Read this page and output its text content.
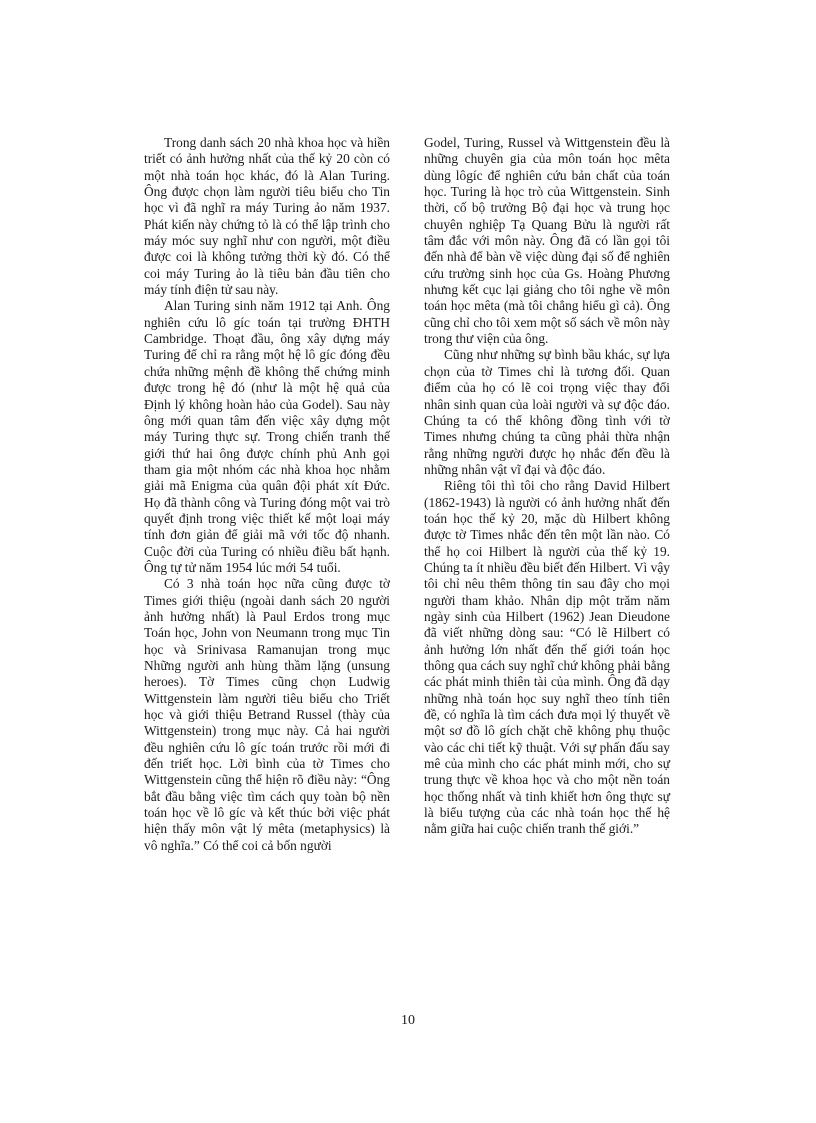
Trong danh sách 20 nhà khoa học và hiền triết có ảnh hưởng nhất của thế kỷ 20 còn có một nhà toán học khác, đó là Alan Turing. Ông được chọn làm người tiêu biểu cho Tin học vì đã nghĩ ra máy Turing ảo năm 1937. Phát kiến này chứng tỏ là có thể lập trình cho máy móc suy nghĩ như con người, một điều được coi là không tưởng thời kỳ đó. Có thể coi máy Turing ảo là tiêu bản đầu tiên cho máy tính điện tử sau này.

Alan Turing sinh năm 1912 tại Anh. Ông nghiên cứu lô gíc toán tại trường ĐHTH Cambridge. Thoạt đầu, ông xây dựng máy Turing để chỉ ra rằng một hệ lô gíc đóng đều chứa những mệnh đề không thể chứng minh được trong hệ đó (như là một hệ quả của Định lý không hoàn hảo của Godel). Sau này ông mới quan tâm đến việc xây dựng một máy Turing thực sự. Trong chiến tranh thế giới thứ hai ông được chính phủ Anh gọi tham gia một nhóm các nhà khoa học nhằm giải mã Enigma của quân đội phát xít Đức. Họ đã thành công và Turing đóng một vai trò quyết định trong việc thiết kế một loại máy tính đơn giản để giải mã với tốc độ nhanh. Cuộc đời của Turing có nhiều điều bất hạnh. Ông tự tử năm 1954 lúc mới 54 tuổi.

Có 3 nhà toán học nữa cũng được tờ Times giới thiệu (ngoài danh sách 20 người ảnh hưởng nhất) là Paul Erdos trong mục Toán học, John von Neumann trong mục Tin học và Srinivasa Ramanujan trong mục Những người anh hùng thầm lặng (unsung heroes). Tờ Times cũng chọn Ludwig Wittgenstein làm người tiêu biểu cho Triết học và giới thiệu Betrand Russel (thày của Wittgenstein) trong mục này. Cả hai người đều nghiên cứu lô gíc toán trước rồi mới đi đến triết học. Lời bình của tờ Times cho Wittgenstein cũng thể hiện rõ điều này: “Ông bắt đầu bằng việc tìm cách quy toàn bộ nền toán học về lô gíc và kết thúc bởi việc phát hiện thấy môn vật lý mêta (metaphysics) là vô nghĩa.” Có thể coi cả bốn người

Godel, Turing, Russel và Wittgenstein đều là những chuyên gia của môn toán học mêta dùng lôgíc để nghiên cứu bản chất của toán học. Turing là học trò của Wittgenstein. Sinh thời, cố bộ trưởng Bộ đại học và trung học chuyên nghiệp Tạ Quang Bửu là người rất tâm đắc với môn này. Ông đã có lần gọi tôi đến nhà để bàn về việc dùng đại số để nghiên cứu trường sinh học của Gs. Hoàng Phương nhưng kết cục lại giảng cho tôi nghe về môn toán học mêta (mà tôi chẳng hiểu gì cả). Ông cũng chỉ cho tôi xem một số sách về môn này trong thư viện của ông.

Cũng như những sự bình bầu khác, sự lựa chọn của tờ Times chỉ là tương đối. Quan điểm của họ có lẽ coi trọng việc thay đổi nhân sinh quan của loài người và sự độc đáo. Chúng ta có thể không đồng tình với tờ Times nhưng chúng ta cũng phải thừa nhận rằng những người được họ nhắc đến đều là những nhân vật vĩ đại và độc đáo.

Riêng tôi thì tôi cho rằng David Hilbert (1862-1943) là người có ảnh hưởng nhất đến toán học thế kỷ 20, mặc dù Hilbert không được tờ Times nhắc đến tên một lần nào. Có thể họ coi Hilbert là người của thế kỷ 19. Chúng ta ít nhiều đều biết đến Hilbert. Vì vậy tôi chỉ nêu thêm thông tin sau đây cho mọi người tham khảo. Nhân dịp một trăm năm ngày sinh của Hilbert (1962) Jean Dieudone đã viết những dòng sau: “Có lẽ Hilbert có ảnh hưởng lớn nhất đến thế giới toán học thông qua cách suy nghĩ chứ không phải bằng các phát minh thiên tài của mình. Ông đã dạy những nhà toán học suy nghĩ theo tính tiên đề, có nghĩa là tìm cách đưa mọi lý thuyết về một sơ đồ lô gích chặt chẽ không phụ thuộc vào các chi tiết kỹ thuật. Với sự phấn đấu say mê của mình cho các phát minh mới, cho sự trung thực về khoa học và cho một nền toán học thống nhất và tinh khiết hơn ông thực sự là biểu tượng của các nhà toán học thế hệ nằm giữa hai cuộc chiến tranh thế giới.”

10
